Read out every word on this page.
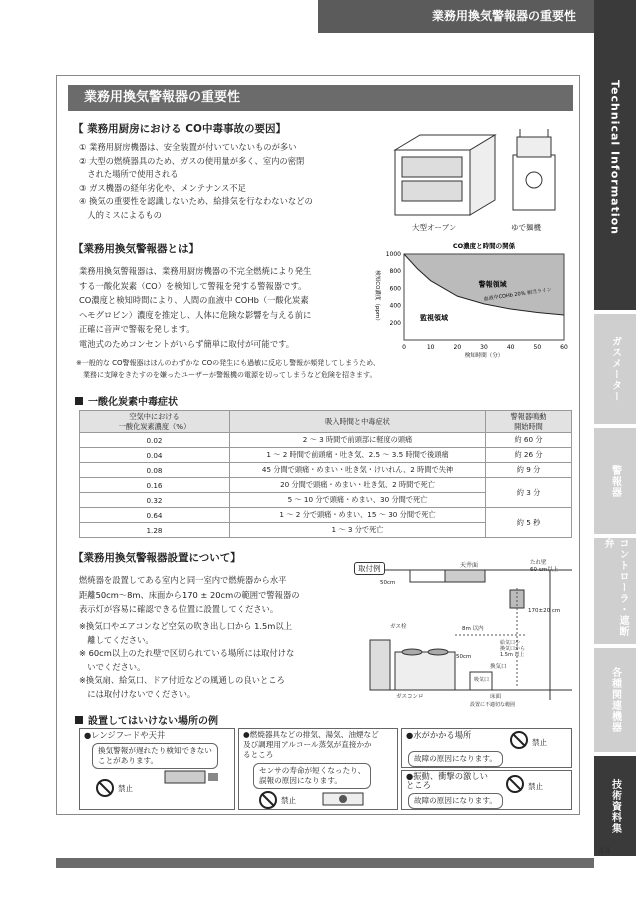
業務用換気警報器の重要性
Technical Information
ガスメーター
警報器
コントローラ・遮断弁
各種関連機器
技術資料集
業務用換気警報器の重要性
【 業務用厨房における CO中毒事故の要因】
① 業務用厨房機器は、安全装置が付いていないものが多い
② 大型の燃焼器具のため、ガスの使用量が多く、室内の密閉
　された場所で使用される
③ ガス機器の経年劣化や、メンテナンス不足
④ 換気の重要性を認識しないため、給排気を行なわないなどの
　人的ミスによるもの
大型オーブン	ゆで麺機
【業務用換気警報器とは】
業務用換気警報器は、業務用厨房機器の不完全燃焼により発生
する一酸化炭素（CO）を検知して警報を発する警報器です。
CO濃度と検知時間により、人間の血液中 COHb（一酸化炭素
ヘモグロビン）濃度を推定し、人体に危険な影響を与える前に
正確に音声で警報を発します。
電池式のためコンセントがいらず簡単に取付が可能です。	0	10	20	30	40	50	60
200
400
600
800
1000
CO濃度と時間の関係
検知時間（分）
検知CO濃度（ppm）	警報領域
監視領域
血液中COHb 20% 相当ライン
※一般的な CO警報器はほんのわずかな COの発生にも過敏に反応し警報が頻発してしまうため、
　業務に支障をきたすのを嫌ったユーザーが警報機の電源を切ってしまうなど危険を招きます。
一酸化炭素中毒症状
空気中における
一酸化炭素濃度（%）	吸入時間と中毒症状	警報器鳴動
開始時間
0.02	2 ～ 3 時間で前頭部に軽度の頭痛	約 60 分
0.04	1 ～ 2 時間で前頭痛・吐き気、2.5 ～ 3.5 時間で後頭痛	約 26 分
0.08	45 分間で頭痛・めまい・吐き気・けいれん、2 時間で失神	約 9 分
0.16	20 分間で頭痛・めまい・吐き気、2 時間で死亡	約 3 分
0.32	5 ～ 10 分で頭痛・めまい、30 分間で死亡	
0.64	1 ～ 2 分で頭痛・めまい、15 ～ 30 分間で死亡	約 5 秒
1.28	1 ～ 3 分で死亡	
【業務用換気警報器設置について】
燃焼器を設置してある室内と同一室内で燃焼器から水平
距離50cm～8m、床面から170 ± 20cmの範囲で警報器の
表示灯が容易に確認できる位置に設置してください。
※換気口やエアコンなど空気の吹き出し口から 1.5m以上
　離してください。
※ 60cm以上のたれ壁で区切られている場所には取付けな
　いでください。
※換気扇、給気口、ドア付近などの風通しの良いところ
　には取付けないでください。
取付例	天井面	たれ壁
60 cm以上
50cm
170±20 cm
ガス栓	8m 以内
50cm
換気口
吸気口
ガスコンロ	床面
設置に不適切な範囲
給気口や
換気口から
1.5m 以上
設置してはいけない場所の例
●レンジフードや天井
換気警報が遅れたり検知できない
ことがあります。
禁止
●燃焼器具などの排気、湯気、油煙など
及び調理用アルコール蒸気が直接かか
るところ
センサの寿命が短くなったり、
誤報の原因になります。
禁止
●水がかかる場所
故障の原因になります。
禁止
●振動、衝撃の激しい
ところ
故障の原因になります。
禁止
44
